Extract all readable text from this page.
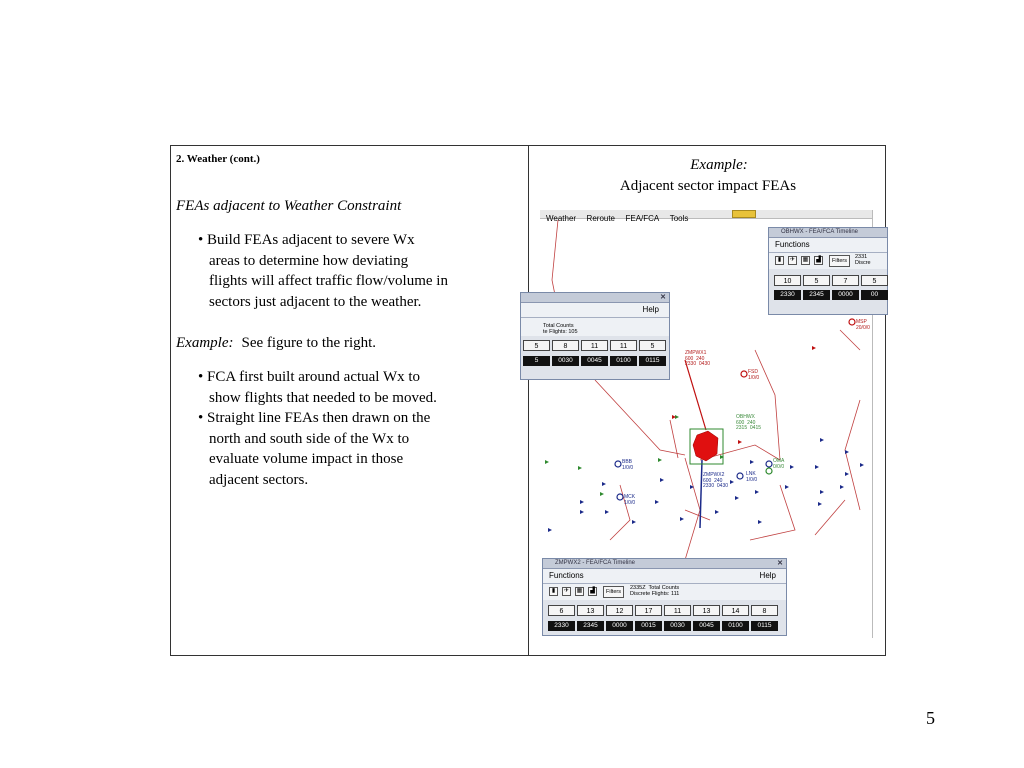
2. Weather (cont.)
FEAs adjacent to Weather Constraint
• Build FEAs adjacent to severe Wx
areas to determine how deviating
flights will affect traffic flow/volume in
sectors just adjacent to the weather.
Example: See figure to the right.
• FCA first built around actual Wx to
show flights that needed to be moved.
• Straight line FEAs then drawn on the
north and south side of the Wx to
evaluate volume impact in those
adjacent sectors.
Example:
Adjacent sector impact FEAs
Weather Reroute FEA/FCA Tools
ZMPWX1
600  240
2330  0430
OBHWX
600  240
2315  0415
ZMPWX2
600  240
2330  0430
MSP
20/0/0
FSD
1/0/0
BBB
1/0/0
OMA
0/0/0
LNK
1/0/0
MCK
1/0/0
OBHWX - FEA/FCA Timeline
Functions
▮	✈	▦	▟	Filters
2331
Discre
10	5	7	5
2330	2345	0000	00
✕
Help
Total Counts
te Flights: 105
5	8	11	11	5
5	0030	0045	0100	0115
ZMPWX2 - FEA/FCA Timeline	✕
Functions	Help
▮	✈	▦	▟	Filters
2335Z  Total Counts
Discrete Flights: 111
6	13	12	17	11	13	14	8
2330	2345	0000	0015	0030	0045	0100	0115
5
